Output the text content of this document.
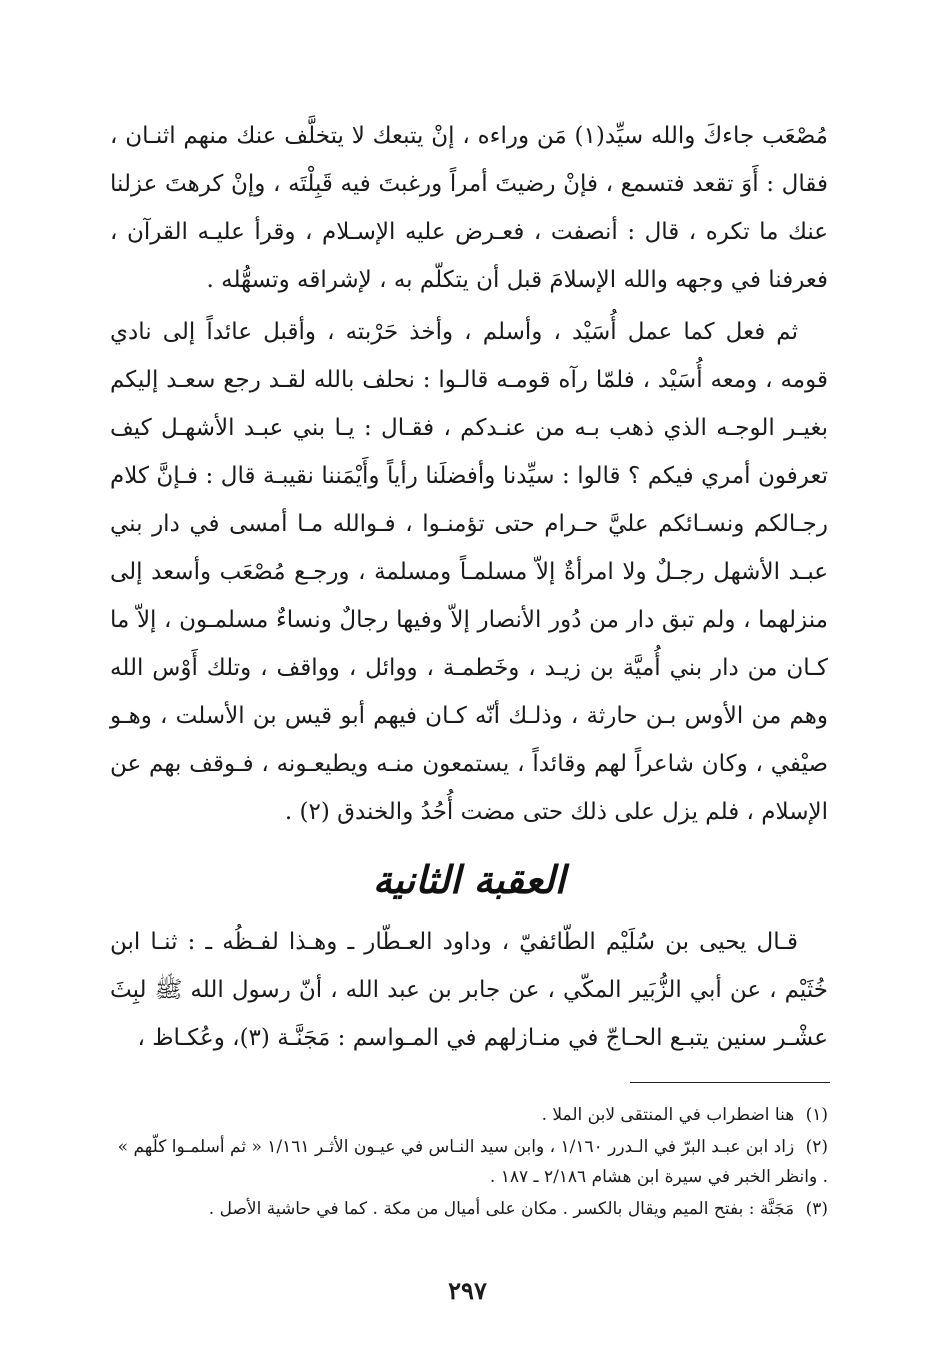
مُصْعَب جاءكَ والله سيِّد(١) مَن وراءه ، إنْ يتبعك لا يتخلَّف عنك منهم اثنـان ، فقال : أَوَ تقعد فتسمع ، فإنْ رضيتَ أمراً ورغبتَ فيه قَبِلْتَه ، وإنْ كرهتَ عزلنا عنك ما تكره ، قال : أنصفت ، فعـرض عليه الإسـلام ، وقرأ عليـه القرآن ، فعرفنا في وجهه والله الإسلامَ قبل أن يتكلّم به ، لإشراقه وتسهُّله .

ثم فعل كما عمل أُسَيْد ، وأسلم ، وأخذ حَرْبته ، وأقبل عائداً إلى نادي قومه ، ومعه أُسَيْد ، فلمّا رآه قومـه قالـوا : نحلف بالله لقـد رجع سعـد إليكم بغيـر الوجـه الذي ذهب بـه من عنـدكم ، فقـال : يـا بني عبـد الأشهـل كيف تعرفون أمري فيكم ؟ قالوا : سيِّدنا وأفضلَنا رأياً وأَيْمَننا نقيبـة قال : فـإنَّ كلام رجـالكم ونسـائكم عليَّ حـرام حتى تؤمنـوا ، فـوالله مـا أمسى في دار بني عبـد الأشهل رجـلٌ ولا امرأةٌ إلاّ مسلمـاً ومسلمة ، ورجـع مُصْعَب وأسعد إلى منزلهما ، ولم تبق دار من دُور الأنصار إلاّ وفيها رجالٌ ونساءٌ مسلمـون ، إلاّ ما كـان من دار بني أُميَّة بن زيـد ، وخَطمـة ، ووائل ، وواقف ، وتلك أَوْس الله وهم من الأوس بـن حارثة ، وذلـك أنّه كـان فيهم أبو قيس بن الأسلت ، وهـو صيْفي ، وكان شاعراً لهم وقائداً ، يستمعون منـه ويطيعـونه ، فـوقف بهم عن الإسلام ، فلم يزل على ذلك حتى مضت أُحُدُ والخندق (٢) .

العقبة الثانية

قـال يحيى بن سُلَيْم الطّائفيّ ، وداود العـطّار ـ وهـذا لفـظُه ـ : ثنـا ابن خُثَيْم ، عن أبي الزُّبَير المكّي ، عن جابر بن عبد الله ، أنّ رسول الله ﷺ لبِثَ عشْـر سنين يتبـع الحـاجّ في منـازلهم في المـواسم : مَجَنَّـة (٣)، وعُكـاظ ،

(١) هنا اضطراب في المنتقى لابن الملا .

(٢) زاد ابن عبـد البرّ في الـدرر ١/١٦٠ ، وابن سيد النـاس في عيـون الأثـر ١/١٦١ « ثم أسلمـوا كلّهم » . وانظر الخبر في سيرة ابن هشام ٢/١٨٦ ـ ١٨٧ .

(٣) مَجَنَّة : بفتح الميم ويقال بالكسر . مكان على أميال من مكة . كما في حاشية الأصل .

٢٩٧
